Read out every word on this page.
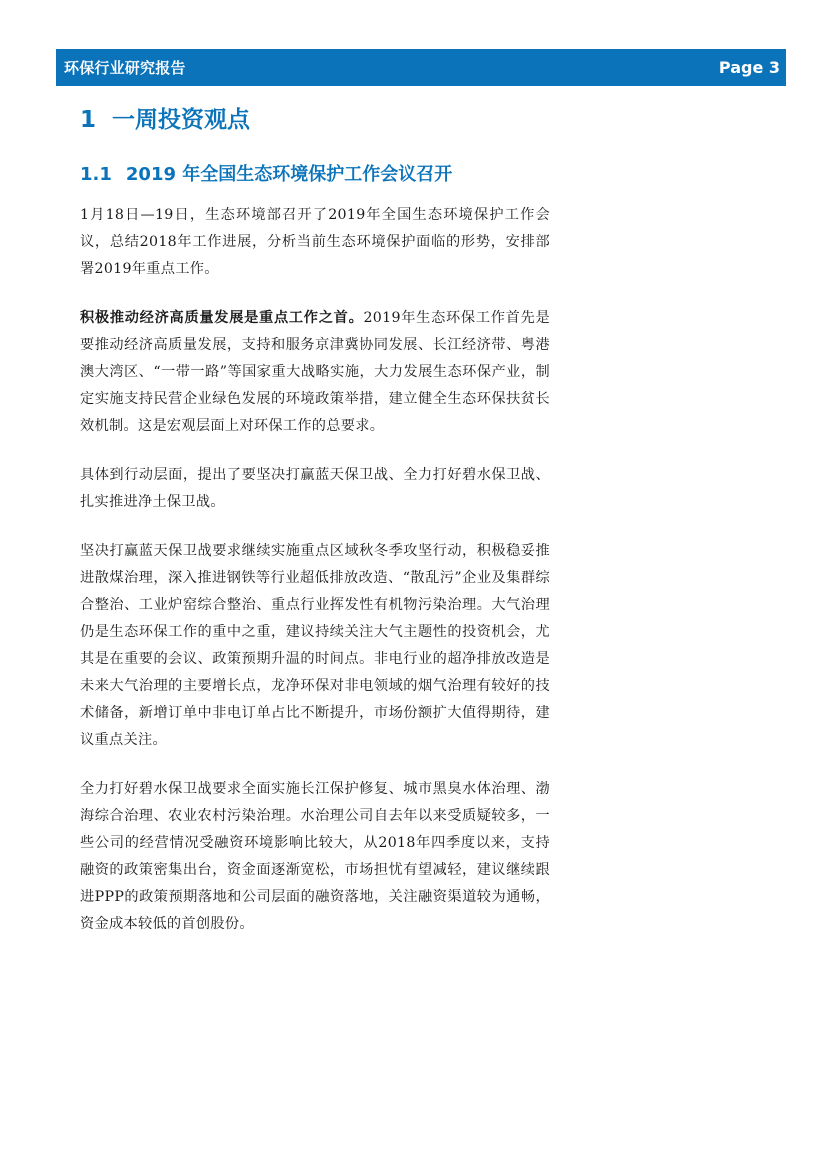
环保行业研究报告	Page 3
1 一周投资观点
1.1 2019 年全国生态环境保护工作会议召开

1月18日—19日，生态环境部召开了2019年全国生态环境保护工作会议，总结2018年工作进展，分析当前生态环境保护面临的形势，安排部署2019年重点工作。

积极推动经济高质量发展是重点工作之首。2019年生态环保工作首先是要推动经济高质量发展，支持和服务京津冀协同发展、长江经济带、粤港澳大湾区、“一带一路”等国家重大战略实施，大力发展生态环保产业，制定实施支持民营企业绿色发展的环境政策举措，建立健全生态环保扶贫长效机制。这是宏观层面上对环保工作的总要求。

具体到行动层面，提出了要坚决打赢蓝天保卫战、全力打好碧水保卫战、扎实推进净土保卫战。

坚决打赢蓝天保卫战要求继续实施重点区域秋冬季攻坚行动，积极稳妥推进散煤治理，深入推进钢铁等行业超低排放改造、“散乱污”企业及集群综合整治、工业炉窑综合整治、重点行业挥发性有机物污染治理。大气治理仍是生态环保工作的重中之重，建议持续关注大气主题性的投资机会，尤其是在重要的会议、政策预期升温的时间点。非电行业的超净排放改造是未来大气治理的主要增长点，龙净环保对非电领域的烟气治理有较好的技术储备，新增订单中非电订单占比不断提升，市场份额扩大值得期待，建议重点关注。

全力打好碧水保卫战要求全面实施长江保护修复、城市黑臭水体治理、渤海综合治理、农业农村污染治理。水治理公司自去年以来受质疑较多，一些公司的经营情况受融资环境影响比较大，从2018年四季度以来，支持融资的政策密集出台，资金面逐渐宽松，市场担忧有望减轻，建议继续跟进PPP的政策预期落地和公司层面的融资落地，关注融资渠道较为通畅，资金成本较低的首创股份。
